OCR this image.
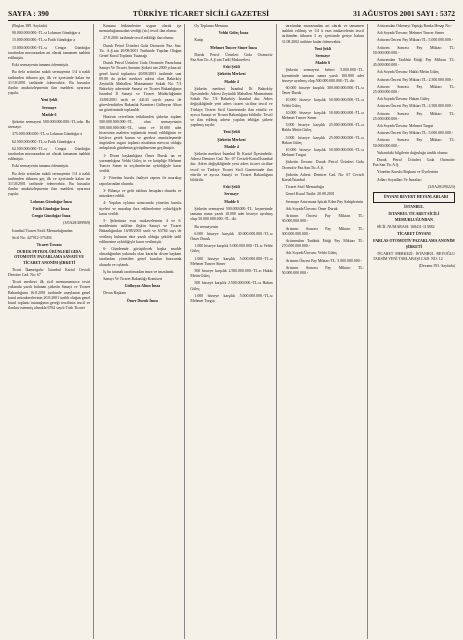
SAYFA : 390	TÜRKİYE TİCARET SİCİLİ GAZETESİ	31 AĞUSTOS 2001 SAYI : 5372

(Başları 389. Sayfada)

90.000.000.000.-TL.si Lokman Gündoğar a

15.000.000.000.-TL.sı Fatih Gündoğar a

15.000.000.000.-TL.sı Cengiz Gündoğar tarafından muvazaadan ari olarak tamamen taahhüt edilmiştir.

Eski sermayenin tamamı ödenmiştir.

Bu defa arttırılan nakdi sermayenin 1/4 ü nakli tarihinden itibaren geç ilk ve içerisinde kalan ise 31/10/2001 tarihinde ödenecektir. Bu hususlar ilanlar anaksözleşmenin ilan maddesi uyarınca yapılır.

Yeni Şekli

Sermaye

Madde 6

Şirketin sermayesi 500.000.000.000.-TL.ndır. Bu sermaye.

375.000.000.000.-TL.sı Lokman Gündoğar a

62.500.000.000.-TL.sı Fatih Gündoğar a

62.500.000.000.-TL.sı Cengiz Gündoğar tarafından muvazaadan ari olarak tamamen taahhüt edilmiştir.

Eski sermayenin tamamı ödenmiştir.

Bu defa arttırılan nakdi sermayenin 1/4 ü nakli tarihinden itibaren geç ilk ve içerisinde kalan ise 31/10/2001 tarihinde ödenecektir. Bu hususlar ilanlar anaksözleşmenin ilan maddesi uyarınca yapılır.

Lokman Gündoğar İmza

Fatih Gündoğar İmza

Cengiz Gündoğar İmza

(3/0A28/289969)

İstanbul Ticaret Sicili Memurluğundan

Sicil No: 427912-375494

Ticaret Ünvanı

DURUK PETROL ÜRÜNLERİ GIDA OTOMOTİV PAZARLAMA SANAYİ VE TİCARET ANONİM ŞİRKETİ

Ticari İkametgahı: İstanbul Kartal Cevizli Demirer Cad. No: 67

Ticari merkezi ilk sicil memurumuzca tesiri yukarıda yazılı bulunan şirketin Sanayi ve Ticaret Bakanlığının 16.8.2001 tarihinde onaylanan genel kurul müzakerelerinin 20.8.2001 tarihli olağan genel kurul toplantı tutanağının gereği tescilinin tescil ve ilanları istenmiş olmakla 6762 sayılı Türk Ticaret

Kanunu hükümlerine uygun olarak işe memurluğumuzdan verdiği (sic) tescil ilan olunur.

27.8.2001 tarihinde tescil edildiği ilan olunur.

Duruk Petrol Ürünleri Gıda Otomotiv Paz. San. Tic. A.Ş.nin 20/08/2001 Tarihinde Yapılan Olağan Genel Kurul Toplantı Tutanağı

Duruk Petrol Ürünleri Gıda Otomotiv Pazarlama Sanayi Ve Ticaret Anonim Şirketi nin 2000 yılına ait genel kurul toplantısı 20/08/2001 tarihinde saat 09.00 da şirket merkezi adresi olan Bakırköy Zeytinlik Mahallesi Mutmainnie Sokak No: 7/4 Bakırköy adresinde Sanayi ve Ticaret Bakanlığının İstanbul İl Sanayi ve Ticaret Müdürlüğünün 13/08/2001 tarih ve 44143 sayılı yazısı ile görevlendirilen Bakanlık Komiseri Gülbeyaz Altun un gözetiminde toplanıldı.

Hazirun cetvelinin tetkikinden şirketin toplam 500.000.000.000.-TL. olan sermayesinin 500.000.000.000.-TL. sinin ve 10.000 adet hissesinin asaleten toplantıda temsil edildiğinin ve böylece gerek kanun ve gerekse anasözleşmede öngörülen asgari toplantı nisabının mevcut olduğu anlaşılarak gündemin görüşülmesine geçilmiştir.

1- Divan başkanlığına Ömer Duruk un ve yazmanlığına Vehbi Güleç in ve katipliğe Mehmet Tuncer Simer in seçilmelerine oybirliğiyle karar verildi.

2- Yönetim kurulu faaliyet raporu ile murakıp raporlarından okundu.

3- Bilanço ve gelir tablosu hesapları okundu ve müzakere edildi.

4- Yapılan oylama sonucunda yönetim kurulu üyeleri ve murakıp ibra edilmelerine oybirliğiyle karar verildi.

5- Şirketimiz esas mukavelesinin 4 ve 6. maddesinin tadiline ilişkin Sanayi ve Ticaret Bakanlığından 16/08/2001 tarih ve 63784 sayı ile verilmiş bulunan ekte yazılı olduğu şekilde tadil edilmesine oybirliğiyle karar verilmiştir.

6- Gündemde görüşülecek başka madde olmadığından yukarıda olan kararlar divan başkanı tarafından yönetilen genel kurulun hazırunda okundu ve oylandı.

İş bu tutanak tarafımızdan imza ve imzalandı.

Sanayi Ve Ticaret Bakanlığı Komiseri

Gülbeyaz Altun İmza

Divan Başkanı

Ömer Duruk İmza

Oy Toplama Memuru

Vehbi Güleç İmza

Katip

Mehmet Tuncer Simer İmza

Duruk Petrol Ürünleri Gıda Otomotiv Paz.San.Tic.A.Ş.nin Tadil Mukavelesi

Eski Şekli

Şirketin Merkezi

Madde 4

Şirketin merkezi İstanbul İli Bakırköy İlçesindedir. Adresi Zeytinlik Mahallesi Mutmainnie Sokak No: 7/4 Bakırköy İstanbul dur. Adres değişikliğinde yeni adres ticaret siciline tescil ve Türkiye Ticaret Sicil Gazetesinde ilan ettirilir ve ayrıca Sanayi ve Ticaret Bakanlığına bildirilir. Tescil ve ilan edilmiş adrese yapılan tebliğat şirkete yapılmış sayılır.

Yeni Şekli

Şirketin Merkezi

Madde 4

Şirketin merkezi İstanbul İli Kartal İlçesindedir. Adresi Demirer Cad. No: 67 Cevizli-Kartal/İstanbul dur. Adres değişikliğinde yeni adres ticaret siciline tescil ve Türkiye Ticaret Sicil Gazetesinde ilan ettirilir ve ayrıca Sanayi ve Ticaret Bakanlığına bildirilir.

Eski Şekli

Sermaye

Madde 6

Şirketin sermayesi 500.000.000.-TL. kıymetinde tamamı nama yazılı 10.000 adet hisseye ayrılmış olup 50.000.000.000.-TL. dir.

Bu sermayenin

6.000 hisseye karşılık 30.000.000.000.-TL.sı Ömer Duruk

1.000 hisseye karşılık 5.000.000.000.-TL.sı Vehbi Güleç

1.000 hisseye karşılık 5.000.000.000.-TL.sı Mehmet Tuncer Simer

500 hisseye karşılık 2.500.000.000.-TL.sı Hakkı Metin Güleç

500 hisseye karşılık 2.500.000.000.-TL.sı Hakan Güleç

1.000 hisseye karşılık 5.000.000.000.-TL.sı Mehmet Turgut

tarafından muvazaadan ari olarak ve tamamen taahhüt edilmiş ve 1/4 ü esas mukavelenin tescil tarihinden itibaren 3 ay içerisinde geriye kalanı 31.08.2002 tarihine kadar ödenecektir.

Yeni Şekli

Sermaye

Madde 6

Şirketin sermayesi beheri 5.000.000.-TL. kıymetinde tamamı nama yazılı 100.000 adet hisseye ayrılmış olup 500.000.000.000.-TL.dir.

60.000 hisseye karşılık 300.000.000.000.-TL.sı Ömer Duruk

10.000 hisseye karşılık 50.000.000.000.-TL.sı Vehbi Güleç

10.000 hisseye karşılık 50.000.000.000.-TL.sı Mehmet Tuncer Simer

5.000 hisseye karşılık 25.000.000.000.-TL.sı Hakkı Metin Güleç

5.000 hisseye karşılık 25.000.000.000.-TL.sı Hakan Güleç

10.000 hisseye karşılık 50.000.000.000.-TL.sı Mehmet Turgut

Şirketin Ünvanı: Duruk Petrol Ürünleri Gıda Otomotiv Paz.San.Tic.A.Ş.

Şirketin Adresi: Demirer Cad. No: 67 Cevizli Kartal/İstanbul

Ticaret Sicil Memurluğu

Genel Kurul Tarihi: 20.08.2001

Sermaye Artırımına İştirak Eden Pay Sahiplerinin

Adı Soyadı/Ünvanı: Ömer Duruk

Arttırım Öncesi Pay Miktarı TL: 30.000.000.000.-

Arttırım Sonrası Pay Miktarı TL: 300.000.000.000.-

Arttırımdan Taahhüt Ettiği Pay Miktarı TL: 270.000.000.000.-

Adı Soyadı/Ünvanı: Vehbi Güleç

Arttırım Öncesi Pay Miktarı TL: 5.000.000.000.-

Arttırım Sonrası Pay Miktarı TL: 50.000.000.000.-

Arttırımdan Ödemeyi Yaptığı Banka Hesap No:-

Adı Soyadı/Ünvanı: Mehmet Tuncer Simer

Arttırım Öncesi Pay Miktarı TL: 5.000.000.000.-

Arttırım Sonrası Pay Miktarı TL: 50.000.000.000.-

Arttırımdan Taahhüt Ettiği Pay Miktarı TL: 45.000.000.000.-

Adı Soyadı/Ünvanı: Hakkı Metin Güleç

Arttırım Öncesi Pay Miktarı TL: 2.500.000.000.-

Arttırım Sonrası Pay Miktarı TL: 25.000.000.000.-

Adı Soyadı/Ünvanı: Hakan Güleç

Arttırım Öncesi Pay Miktarı TL: 2.500.000.000.-

Arttırım Sonrası Pay Miktarı TL: 25.000.000.000.-

Adı Soyadı/Ünvanı: Mehmet Turgut

Arttırım Öncesi Pay Miktarı TL: 5.000.000.000.-

Arttırım Sonrası Pay Miktarı TL: 50.000.000.000.-

Yukarıdaki bilgilerin doğruluğu tasdik olunur.

Duruk Petrol Ürünleri Gıda Otomotiv Paz.San.Tic.A.Ş.

Yönetim Kurulu Başkanı ve Üyelerinin

Adları Soyadları Ve İmzaları

(3/0A28/290223)

ÜNVANI REVERT HEYANLARLARI

İSTANBUL

İSTANBUL TİCARET SİCİLİ MEMURLUĞUNDAN

SİCİL NUMARASI: 168411-115882

TİCARET ÜNVANI

FARLAS OTOMOTİV PAZARLAMA ANONİM ŞİRKETİ

TİCARET MERKEZİ: İSTANBUL BEYOĞLU TAKSİM YENİ TARLABAŞI CAD. NO: 12

(Devamı 391. Sayfada)
